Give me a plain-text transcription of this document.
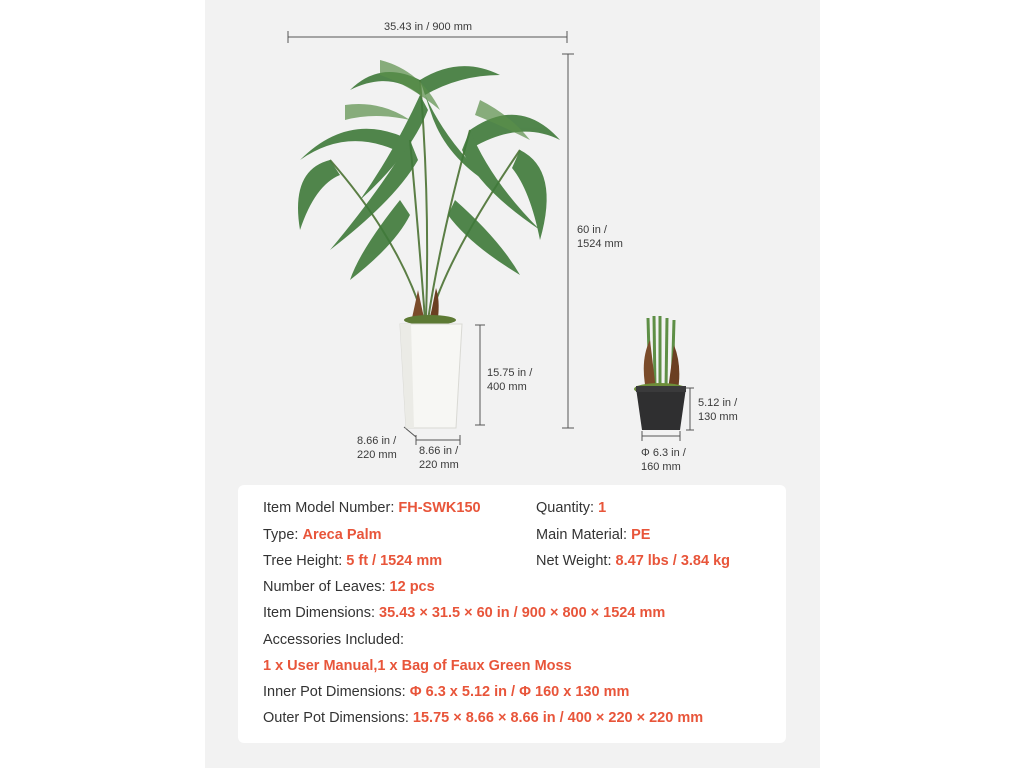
35.43 in / 900 mm
60 in /
1524 mm
15.75 in /
400 mm
8.66 in /
220 mm 8.66 in /
220 mm
5.12 in /
130 mm
Φ 6.3 in /
160 mm
Item Model Number: FH-SWK150	Quantity: 1
Type: Areca Palm	Main Material: PE
Tree Height: 5 ft / 1524 mm	Net Weight: 8.47 lbs / 3.84 kg
Number of Leaves: 12 pcs
Item Dimensions: 35.43 × 31.5 × 60 in / 900 × 800 × 1524 mm
Accessories Included:
1 x User Manual,1 x Bag of Faux Green Moss
Inner Pot Dimensions: Φ 6.3 x 5.12 in / Φ 160 x 130 mm
Outer Pot Dimensions: 15.75 × 8.66 × 8.66 in / 400 × 220 × 220 mm
